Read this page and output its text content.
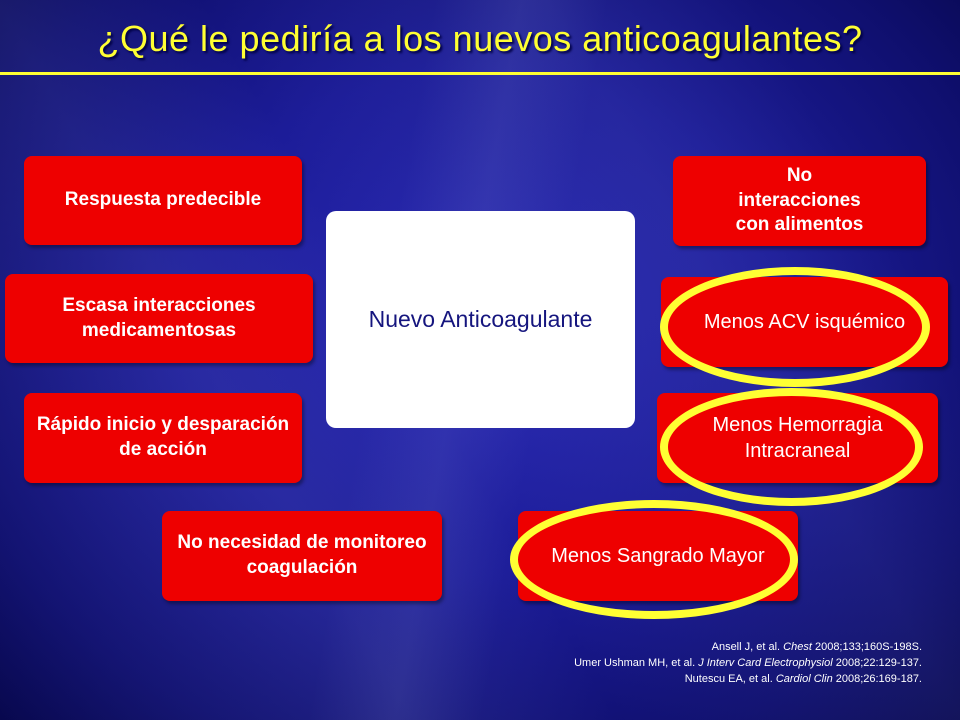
¿Qué le pediría a los nuevos anticoagulantes?
Respuesta predecible
Escasa interacciones medicamentosas
Rápido inicio y desparación de acción
No necesidad de monitoreo coagulación
Nuevo Anticoagulante
No interacciones con alimentos
Menos ACV isquémico
Menos Hemorragia Intracraneal
Menos Sangrado Mayor
Ansell J, et al. Chest 2008;133;160S-198S.
Umer Ushman MH, et al. J Interv Card Electrophysiol 2008;22:129-137.
Nutescu EA, et al. Cardiol Clin 2008;26:169-187.
